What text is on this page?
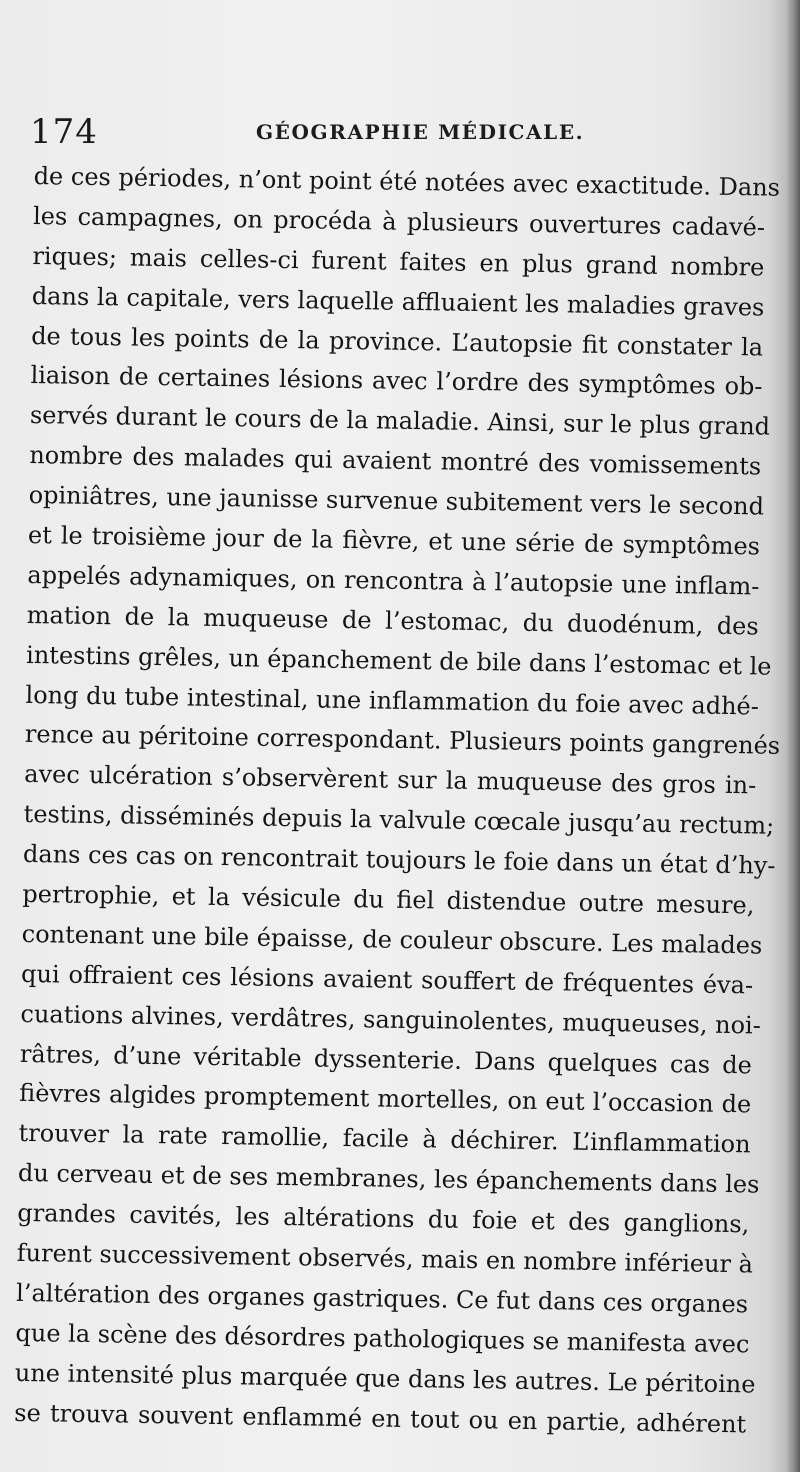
174	GÉOGRAPHIE MÉDICALE.
de ces périodes, n’ont point été notées avec exactitude. Dans
les campagnes, on procéda à plusieurs ouvertures cadavé-
riques; mais celles-ci furent faites en plus grand nombre
dans la capitale, vers laquelle affluaient les maladies graves
de tous les points de la province. L’autopsie fit constater la
liaison de certaines lésions avec l’ordre des symptômes ob-
servés durant le cours de la maladie. Ainsi, sur le plus grand
nombre des malades qui avaient montré des vomissements
opiniâtres, une jaunisse survenue subitement vers le second
et le troisième jour de la fièvre, et une série de symptômes
appelés adynamiques, on rencontra à l’autopsie une inflam-
mation de la muqueuse de l’estomac, du duodénum, des
intestins grêles, un épanchement de bile dans l’estomac et le
long du tube intestinal, une inflammation du foie avec adhé-
rence au péritoine correspondant. Plusieurs points gangrenés
avec ulcération s’observèrent sur la muqueuse des gros in-
testins, disséminés depuis la valvule cœcale jusqu’au rectum;
dans ces cas on rencontrait toujours le foie dans un état d’hy-
pertrophie, et la vésicule du fiel distendue outre mesure,
contenant une bile épaisse, de couleur obscure. Les malades
qui offraient ces lésions avaient souffert de fréquentes éva-
cuations alvines, verdâtres, sanguinolentes, muqueuses, noi-
râtres, d’une véritable dyssenterie. Dans quelques cas de
fièvres algides promptement mortelles, on eut l’occasion de
trouver la rate ramollie, facile à déchirer. L’inflammation
du cerveau et de ses membranes, les épanchements dans les
grandes cavités, les altérations du foie et des ganglions,
furent successivement observés, mais en nombre inférieur à
l’altération des organes gastriques. Ce fut dans ces organes
que la scène des désordres pathologiques se manifesta avec
une intensité plus marquée que dans les autres. Le péritoine
se trouva souvent enflammé en tout ou en partie, adhérent
